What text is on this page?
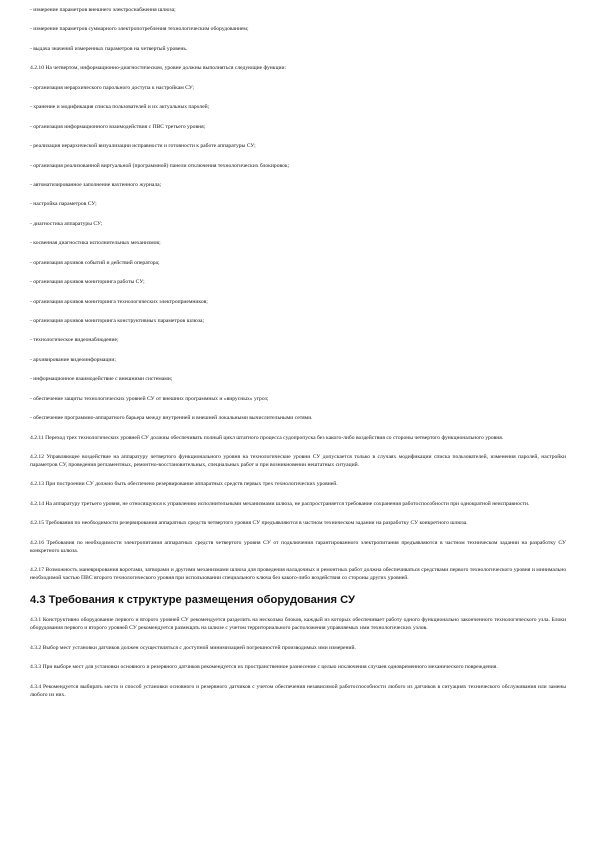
- измерение параметров внешнего электроснабжения шлюза;
- измерение параметров суммарного электропотребления технологическим оборудованием;
- выдача значений измеренных параметров на четвертый уровень.
4.2.10 На четвертом, информационно-диагностическом, уровне должны выполняться следующие функции:
- организация иерархического парольного доступа к настройкам СУ;
- хранение и модификация списка пользователей и их актуальных паролей;
- организация информационного взаимодействия с ПВС третьего уровня;
- реализация иерархической визуализации исправности и готовности к работе аппаратуры СУ;
- организация реализованной виртуальной (программной) панели отключения технологических блокировок;
- автоматизированное заполнение вахтенного журнала;
- настройка параметров СУ;
- диагностика аппаратуры СУ;
- косвенная диагностика исполнительных механизмов;
- организация архивов событий и действий оператора;
- организация архивов мониторинга работы СУ;
- организация архивов мониторинга технологических электроприемников;
- организация архивов мониторинга конструктивных параметров шлюза;
- технологическое видеонаблюдение;
- архивирование видеоинформации;
- информационное взаимодействие с внешними системами;
- обеспечение защиты технологических уровней СУ от внешних программных и «вирусных» угроз;
- обеспечение программно-аппаратного барьера между внутренней и внешней локальными вычислительными сетями.

4.2.11 Переход трех технологических уровней СУ должны обеспечивать полный цикл штатного процесса судопропуска без какого-либо воздействия со стороны четвертого функционального уровня.

4.2.12 Управляющее воздействие на аппаратуру четвертого функционального уровня на технологические уровни СУ допускается только в случаях модификации списка пользователей, изменения паролей, настройки параметров СУ, проведения регламентных, ремонтно-восстановительных, специальных работ и при возникновении нештатных ситуаций.

4.2.13 При построении СУ должно быть обеспечено резервирование аппаратных средств первых трех технологических уровней.

4.2.14 На аппаратуру третьего уровня, не относящуюся к управлению исполнительными механизмами шлюза, не распространяется требование сохранения работоспособности при однократной неисправности.

4.2.15 Требования по необходимости резервирования аппаратных средств четвертого уровня СУ предъявляются в частном техническом задании на разработку СУ конкретного шлюза.

4.2.16 Требования по необходимости электропитания аппаратных средств четвертого уровня СУ от подключения гарантированного электропитания предъявляются в частном техническом задании на разработку СУ конкретного шлюза.

4.2.17 Возможность маневрирования воротами, затворами и другими механизмами шлюза для проведения наладочных и ремонтных работ должна обеспечиваться средствами первого технологического уровня и минимально необходимой частью ПВС второго технологического уровня при использовании специального ключа без какого-либо воздействия со стороны других уровней.

4.3 Требования к структуре размещения оборудования СУ

4.3.1 Конструктивно оборудование первого и второго уровней СУ рекомендуется разделить на несколько блоков, каждый из которых обеспечивает работу одного функционально законченного технологического узла. Блоки оборудования первого и второго уровней СУ рекомендуется размещать на шлюзе с учетом территориального расположения управляемых ими технологических узлов.

4.3.2 Выбор мест установки датчиков должен осуществляться с доступной минимизацией погрешностей производимых ими измерений.

4.3.3 При выборе мест для установки основного и резервного датчиков рекомендуется их пространственное разнесение с целью исключения случаев одновременного механического повреждения.

4.3.4 Рекомендуется выбирать место и способ установки основного и резервного датчиков с учетом обеспечения независимой работоспособности любого из датчиков в ситуациях технического обслуживания или замены любого из них.
